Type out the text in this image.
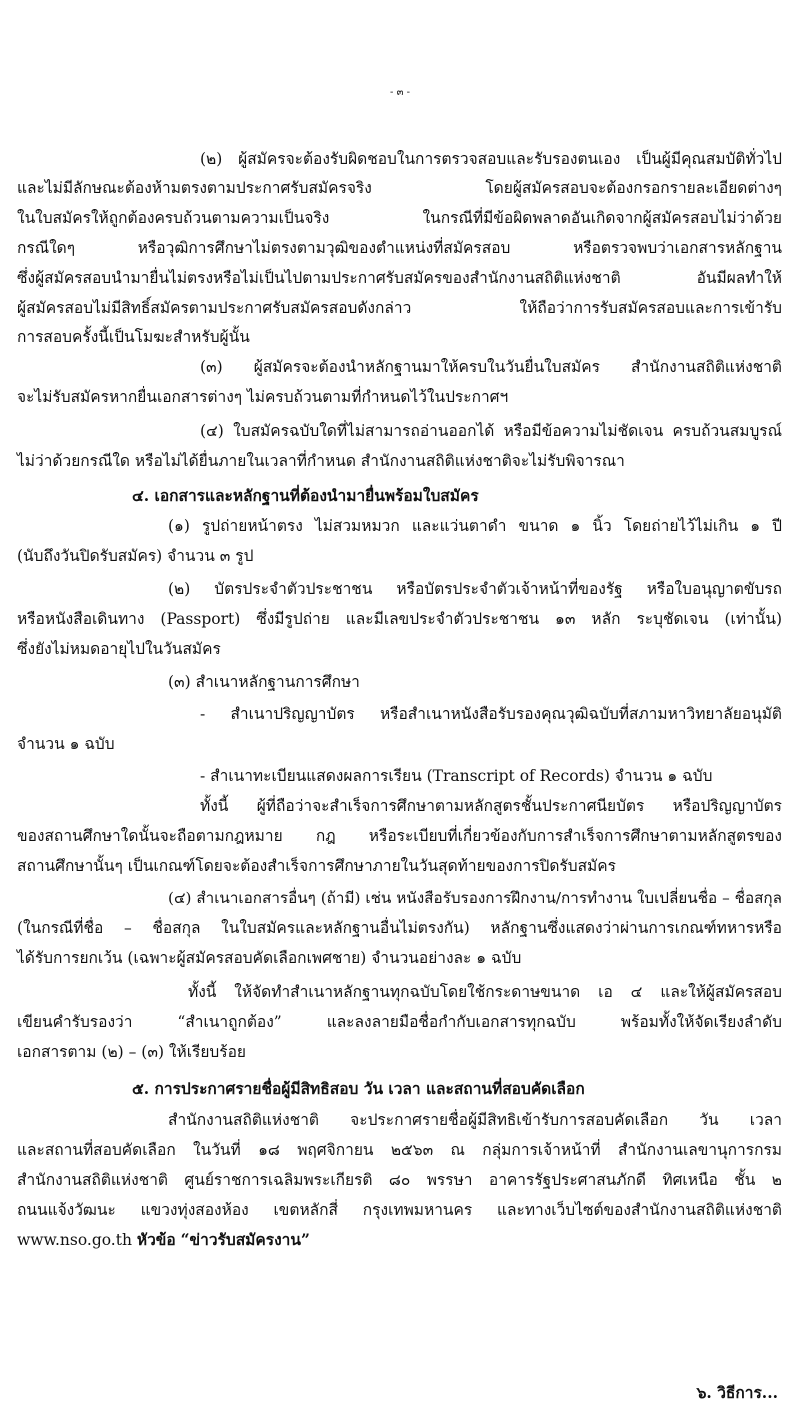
- ๓ -
(๒) ผู้สมัครจะต้องรับผิดชอบในการตรวจสอบและรับรองตนเอง เป็นผู้มีคุณสมบัติทั่วไป
และไม่มีลักษณะต้องห้ามตรงตามประกาศรับสมัครจริง โดยผู้สมัครสอบจะต้องกรอกรายละเอียดต่างๆ
ในใบสมัครให้ถูกต้องครบถ้วนตามความเป็นจริง ในกรณีที่มีข้อผิดพลาดอันเกิดจากผู้สมัครสอบไม่ว่าด้วย
กรณีใดๆ หรือวุฒิการศึกษาไม่ตรงตามวุฒิของตำแหน่งที่สมัครสอบ หรือตรวจพบว่าเอกสารหลักฐาน
ซึ่งผู้สมัครสอบนำมายื่นไม่ตรงหรือไม่เป็นไปตามประกาศรับสมัครของสำนักงานสถิติแห่งชาติ อันมีผลทำให้
ผู้สมัครสอบไม่มีสิทธิ์สมัครตามประกาศรับสมัครสอบดังกล่าว ให้ถือว่าการรับสมัครสอบและการเข้ารับ
การสอบครั้งนี้เป็นโมฆะสำหรับผู้นั้น
(๓) ผู้สมัครจะต้องนำหลักฐานมาให้ครบในวันยื่นใบสมัคร สำนักงานสถิติแห่งชาติ
จะไม่รับสมัครหากยื่นเอกสารต่างๆ ไม่ครบถ้วนตามที่กำหนดไว้ในประกาศฯ
(๔) ใบสมัครฉบับใดที่ไม่สามารถอ่านออกได้ หรือมีข้อความไม่ชัดเจน ครบถ้วนสมบูรณ์
ไม่ว่าด้วยกรณีใด หรือไม่ได้ยื่นภายในเวลาที่กำหนด สำนักงานสถิติแห่งชาติจะไม่รับพิจารณา
๔. เอกสารและหลักฐานที่ต้องนำมายื่นพร้อมใบสมัคร
(๑) รูปถ่ายหน้าตรง ไม่สวมหมวก และแว่นตาดำ ขนาด ๑ นิ้ว โดยถ่ายไว้ไม่เกิน ๑ ปี
(นับถึงวันปิดรับสมัคร) จำนวน ๓ รูป
(๒) บัตรประจำตัวประชาชน หรือบัตรประจำตัวเจ้าหน้าที่ของรัฐ หรือใบอนุญาตขับรถ
หรือหนังสือเดินทาง (Passport) ซึ่งมีรูปถ่าย และมีเลขประจำตัวประชาชน ๑๓ หลัก ระบุชัดเจน (เท่านั้น)
ซึ่งยังไม่หมดอายุไปในวันสมัคร
(๓) สำเนาหลักฐานการศึกษา
- สำเนาปริญญาบัตร หรือสำเนาหนังสือรับรองคุณวุฒิฉบับที่สภามหาวิทยาลัยอนุมัติ
จำนวน ๑ ฉบับ
- สำเนาทะเบียนแสดงผลการเรียน (Transcript of Records) จำนวน ๑ ฉบับ
ทั้งนี้ ผู้ที่ถือว่าจะสำเร็จการศึกษาตามหลักสูตรชั้นประกาศนียบัตร หรือปริญญาบัตร
ของสถานศึกษาใดนั้นจะถือตามกฎหมาย กฎ หรือระเบียบที่เกี่ยวข้องกับการสำเร็จการศึกษาตามหลักสูตรของ
สถานศึกษานั้นๆ เป็นเกณฑ์โดยจะต้องสำเร็จการศึกษาภายในวันสุดท้ายของการปิดรับสมัคร
(๔) สำเนาเอกสารอื่นๆ (ถ้ามี) เช่น หนังสือรับรองการฝึกงาน/การทำงาน ใบเปลี่ยนชื่อ – ชื่อสกุล
(ในกรณีที่ชื่อ – ชื่อสกุล ในใบสมัครและหลักฐานอื่นไม่ตรงกัน) หลักฐานซึ่งแสดงว่าผ่านการเกณฑ์ทหารหรือ
ได้รับการยกเว้น (เฉพาะผู้สมัครสอบคัดเลือกเพศชาย) จำนวนอย่างละ ๑ ฉบับ
ทั้งนี้ ให้จัดทำสำเนาหลักฐานทุกฉบับโดยใช้กระดาษขนาด เอ ๔ และให้ผู้สมัครสอบ
เขียนคำรับรองว่า “สำเนาถูกต้อง” และลงลายมือชื่อกำกับเอกสารทุกฉบับ พร้อมทั้งให้จัดเรียงลำดับ
เอกสารตาม (๒) – (๓) ให้เรียบร้อย
๕. การประกาศรายชื่อผู้มีสิทธิสอบ วัน เวลา และสถานที่สอบคัดเลือก
สำนักงานสถิติแห่งชาติ จะประกาศรายชื่อผู้มีสิทธิเข้ารับการสอบคัดเลือก วัน เวลา
และสถานที่สอบคัดเลือก ในวันที่ ๑๘ พฤศจิกายน ๒๕๖๓ ณ กลุ่มการเจ้าหน้าที่ สำนักงานเลขานุการกรม
สำนักงานสถิติแห่งชาติ ศูนย์ราชการเฉลิมพระเกียรติ ๘๐ พรรษา อาคารรัฐประศาสนภักดี ทิศเหนือ ชั้น ๒
ถนนแจ้งวัฒนะ แขวงทุ่งสองห้อง เขตหลักสี่ กรุงเทพมหานคร และทางเว็บไซต์ของสำนักงานสถิติแห่งชาติ
www.nso.go.th หัวข้อ “ข่าวรับสมัครงาน”
๖. วิธีการ...
